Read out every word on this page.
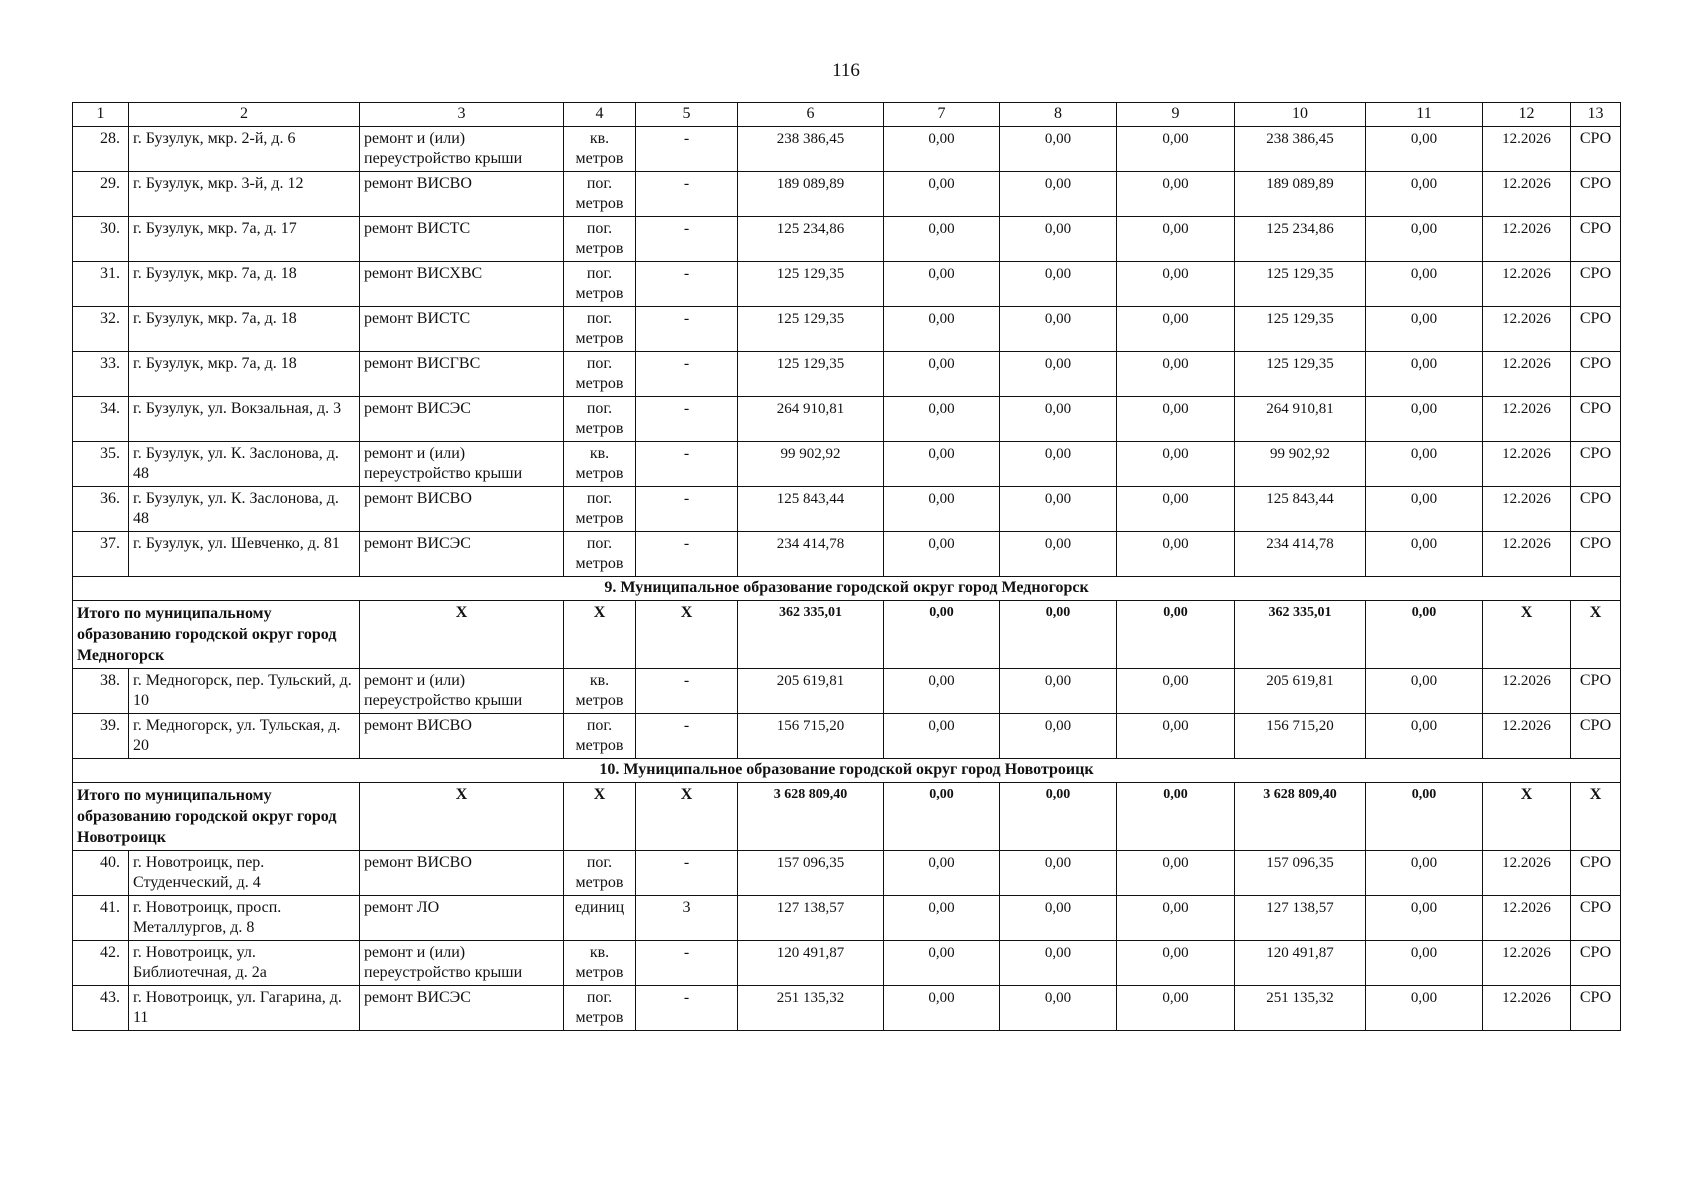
116
1	2	3	4	5	6	7	8	9	10	11	12	13
28.	г. Бузулук, мкр. 2-й, д. 6	ремонт и (или) переустройство крыши	кв. метров	-	238 386,45	0,00	0,00	0,00	238 386,45	0,00	12.2026	СРО
29.	г. Бузулук, мкр. 3-й, д. 12	ремонт ВИСВО	пог. метров	-	189 089,89	0,00	0,00	0,00	189 089,89	0,00	12.2026	СРО
30.	г. Бузулук, мкр. 7а, д. 17	ремонт ВИСТС	пог. метров	-	125 234,86	0,00	0,00	0,00	125 234,86	0,00	12.2026	СРО
31.	г. Бузулук, мкр. 7а, д. 18	ремонт ВИСХВС	пог. метров	-	125 129,35	0,00	0,00	0,00	125 129,35	0,00	12.2026	СРО
32.	г. Бузулук, мкр. 7а, д. 18	ремонт ВИСТС	пог. метров	-	125 129,35	0,00	0,00	0,00	125 129,35	0,00	12.2026	СРО
33.	г. Бузулук, мкр. 7а, д. 18	ремонт ВИСГВС	пог. метров	-	125 129,35	0,00	0,00	0,00	125 129,35	0,00	12.2026	СРО
34.	г. Бузулук, ул. Вокзальная, д. 3	ремонт ВИСЭС	пог. метров	-	264 910,81	0,00	0,00	0,00	264 910,81	0,00	12.2026	СРО
35.	г. Бузулук, ул. К. Заслонова, д. 48	ремонт и (или) переустройство крыши	кв. метров	-	99 902,92	0,00	0,00	0,00	99 902,92	0,00	12.2026	СРО
36.	г. Бузулук, ул. К. Заслонова, д. 48	ремонт ВИСВО	пог. метров	-	125 843,44	0,00	0,00	0,00	125 843,44	0,00	12.2026	СРО
37.	г. Бузулук, ул. Шевченко, д. 81	ремонт ВИСЭС	пог. метров	-	234 414,78	0,00	0,00	0,00	234 414,78	0,00	12.2026	СРО
9. Муниципальное образование городской округ город Медногорск												
Итого по муниципальному образованию городской округ город Медногорск		X	X	X	362 335,01	0,00	0,00	0,00	362 335,01	0,00	X	X
38.	г. Медногорск, пер. Тульский, д. 10	ремонт и (или) переустройство крыши	кв. метров	-	205 619,81	0,00	0,00	0,00	205 619,81	0,00	12.2026	СРО
39.	г. Медногорск, ул. Тульская, д. 20	ремонт ВИСВО	пог. метров	-	156 715,20	0,00	0,00	0,00	156 715,20	0,00	12.2026	СРО
10. Муниципальное образование городской округ город Новотроицк												
Итого по муниципальному образованию городской округ город Новотроицк		X	X	X	3 628 809,40	0,00	0,00	0,00	3 628 809,40	0,00	X	X
40.	г. Новотроицк, пер. Студенческий, д. 4	ремонт ВИСВО	пог. метров	-	157 096,35	0,00	0,00	0,00	157 096,35	0,00	12.2026	СРО
41.	г. Новотроицк, просп. Металлургов, д. 8	ремонт ЛО	единиц	3	127 138,57	0,00	0,00	0,00	127 138,57	0,00	12.2026	СРО
42.	г. Новотроицк, ул. Библиотечная, д. 2а	ремонт и (или) переустройство крыши	кв. метров	-	120 491,87	0,00	0,00	0,00	120 491,87	0,00	12.2026	СРО
43.	г. Новотроицк, ул. Гагарина, д. 11	ремонт ВИСЭС	пог. метров	-	251 135,32	0,00	0,00	0,00	251 135,32	0,00	12.2026	СРО
